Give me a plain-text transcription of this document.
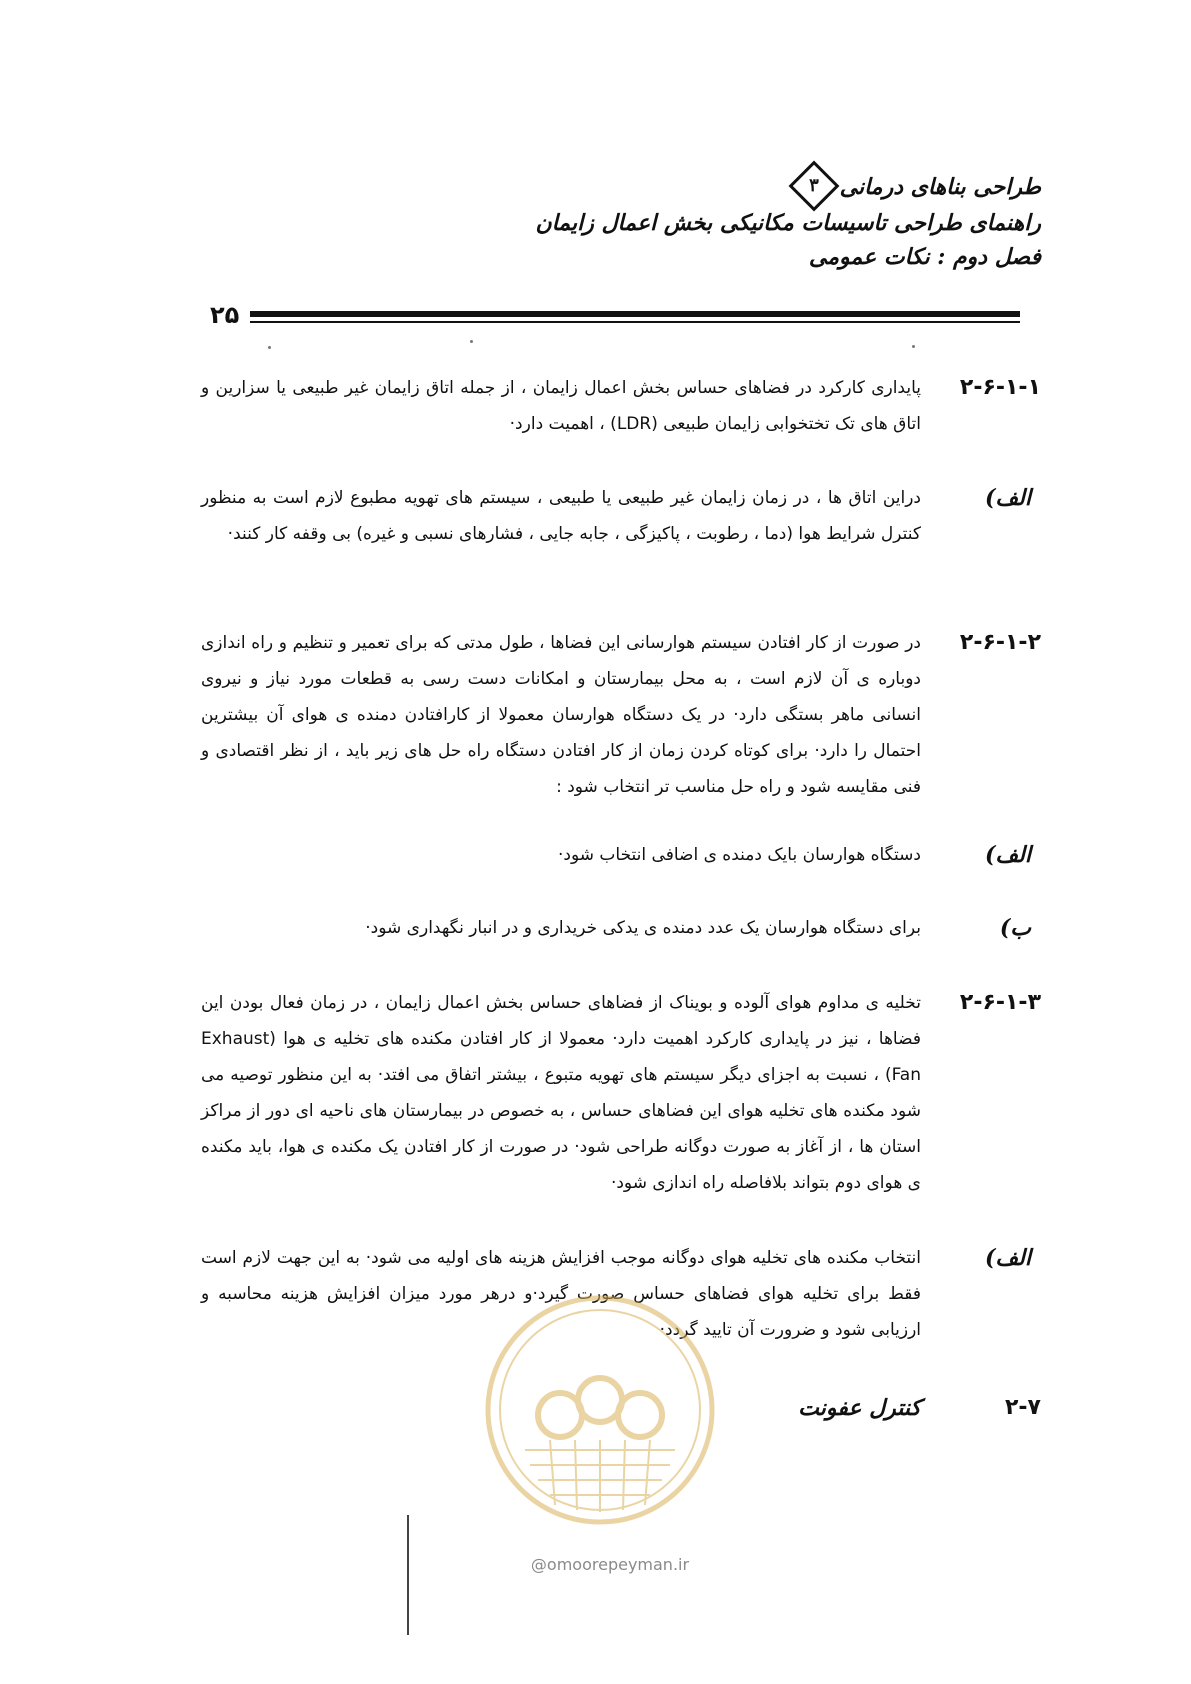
طراحی بناهای درمانی
۳
راهنمای طراحی تاسیسات مکانیکی بخش اعمال زایمان
فصل دوم : نکات عمومی
۲۵
۲-۶-۱-۱
پایداری کارکرد در فضاهای حساس بخش اعمال زایمان ، از جمله اتاق زایمان غیر طبیعی یا سزارین و اتاق های تک تختخوابی زایمان طبیعی (LDR) ، اهمیت دارد·
الف)
دراین اتاق ها ، در زمان زایمان غیر طبیعی یا طبیعی ، سیستم های تهویه مطبوع لازم است به منظور کنترل شرایط هوا (دما ، رطوبت ، پاکیزگی ، جابه جایی ، فشارهای نسبی و غیره) بی وقفه کار کنند·
۲-۶-۱-۲
در صورت از کار افتادن سیستم هوارسانی این فضاها ، طول مدتی که برای تعمیر و تنظیم و راه اندازی دوباره ی آن لازم است ، به محل بیمارستان و امکانات دست رسی به قطعات مورد نیاز و نیروی انسانی ماهر بستگی دارد· در یک دستگاه هوارسان معمولا از کارافتادن دمنده ی هوای آن بیشترین احتمال را دارد· برای کوتاه کردن زمان از کار افتادن دستگاه راه حل های زیر باید ، از نظر اقتصادی و فنی مقایسه شود و راه حل مناسب تر انتخاب شود :
الف)
دستگاه هوارسان بایک دمنده ی اضافی انتخاب شود·
ب)
برای دستگاه هوارسان یک عدد دمنده ی یدکی خریداری و در انبار نگهداری شود·
۲-۶-۱-۳
تخلیه ی مداوم هوای آلوده و بویناک از فضاهای حساس بخش اعمال زایمان ، در زمان فعال بودن این فضاها ، نیز در پایداری کارکرد اهمیت دارد· معمولا از کار افتادن مکنده های تخلیه ی هوا (Exhaust Fan) ، نسبت به اجزای دیگر سیستم های تهویه متبوع ، بیشتر اتفاق می افتد· به این منظور توصیه می شود مکنده های تخلیه هوای این فضاهای حساس ، به خصوص در بیمارستان های ناحیه ای دور از مراکز استان ها ، از آغاز به صورت دوگانه طراحی شود· در صورت از کار افتادن یک مکنده ی هوا، باید مکنده ی هوای دوم بتواند بلافاصله راه اندازی شود·
الف)
انتخاب مکنده های تخلیه هوای دوگانه موجب افزایش هزینه های اولیه می شود· به این جهت لازم است فقط برای تخلیه هوای فضاهای حساس صورت گیرد·و درهر مورد میزان افزایش هزینه محاسبه و ارزیابی شود و ضرورت آن تایید گردد·
۲-۷
کنترل عفونت
@omoorepeyman.ir
